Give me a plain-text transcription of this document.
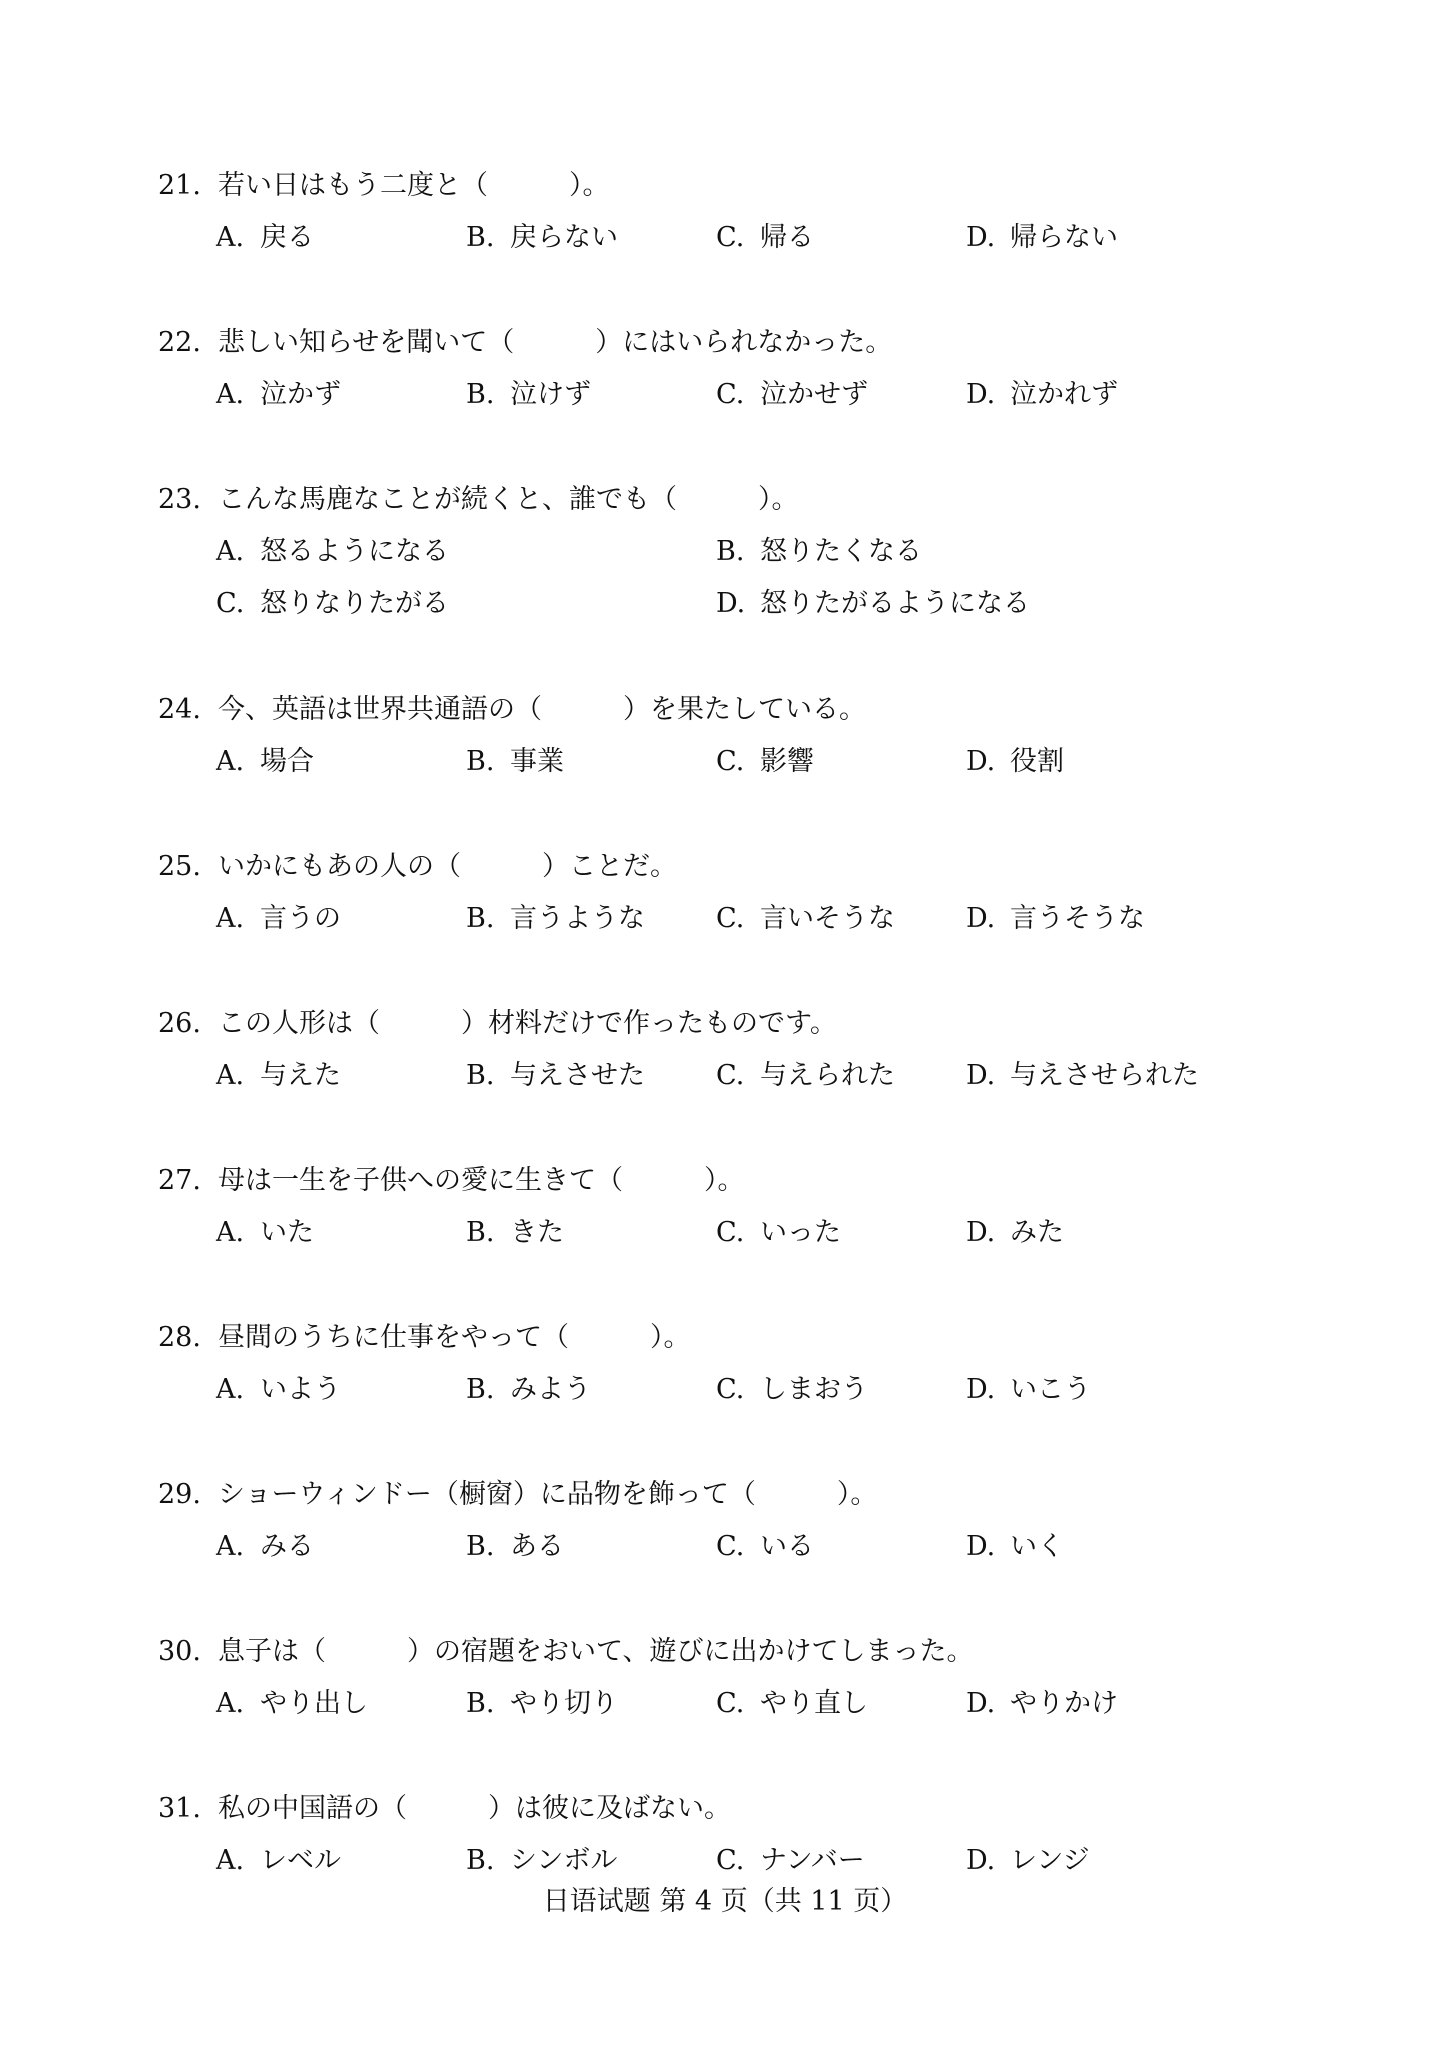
21. 若い日はもう二度と（　　　）。
A. 戻る	B. 戻らない	C. 帰る	D. 帰らない
22. 悲しい知らせを聞いて（　　　）にはいられなかった。
A. 泣かず	B. 泣けず	C. 泣かせず	D. 泣かれず
23. こんな馬鹿なことが続くと、誰でも（　　　）。
A. 怒るようになる	B. 怒りたくなる
C. 怒りなりたがる	D. 怒りたがるようになる
24. 今、英語は世界共通語の（　　　）を果たしている。
A. 場合	B. 事業	C. 影響	D. 役割
25. いかにもあの人の（　　　）ことだ。
A. 言うの	B. 言うような	C. 言いそうな	D. 言うそうな
26. この人形は（　　　）材料だけで作ったものです。
A. 与えた	B. 与えさせた	C. 与えられた	D. 与えさせられた
27. 母は一生を子供への愛に生きて（　　　）。
A. いた	B. きた	C. いった	D. みた
28. 昼間のうちに仕事をやって（　　　）。
A. いよう	B. みよう	C. しまおう	D. いこう
29. ショーウィンドー（橱窗）に品物を飾って（　　　）。
A. みる	B. ある	C. いる	D. いく
30. 息子は（　　　）の宿題をおいて、遊びに出かけてしまった。
A. やり出し	B. やり切り	C. やり直し	D. やりかけ
31. 私の中国語の（　　　）は彼に及ばない。
A. レベル	B. シンボル	C. ナンバー	D. レンジ
日语试题 第 4 页（共 11 页）
